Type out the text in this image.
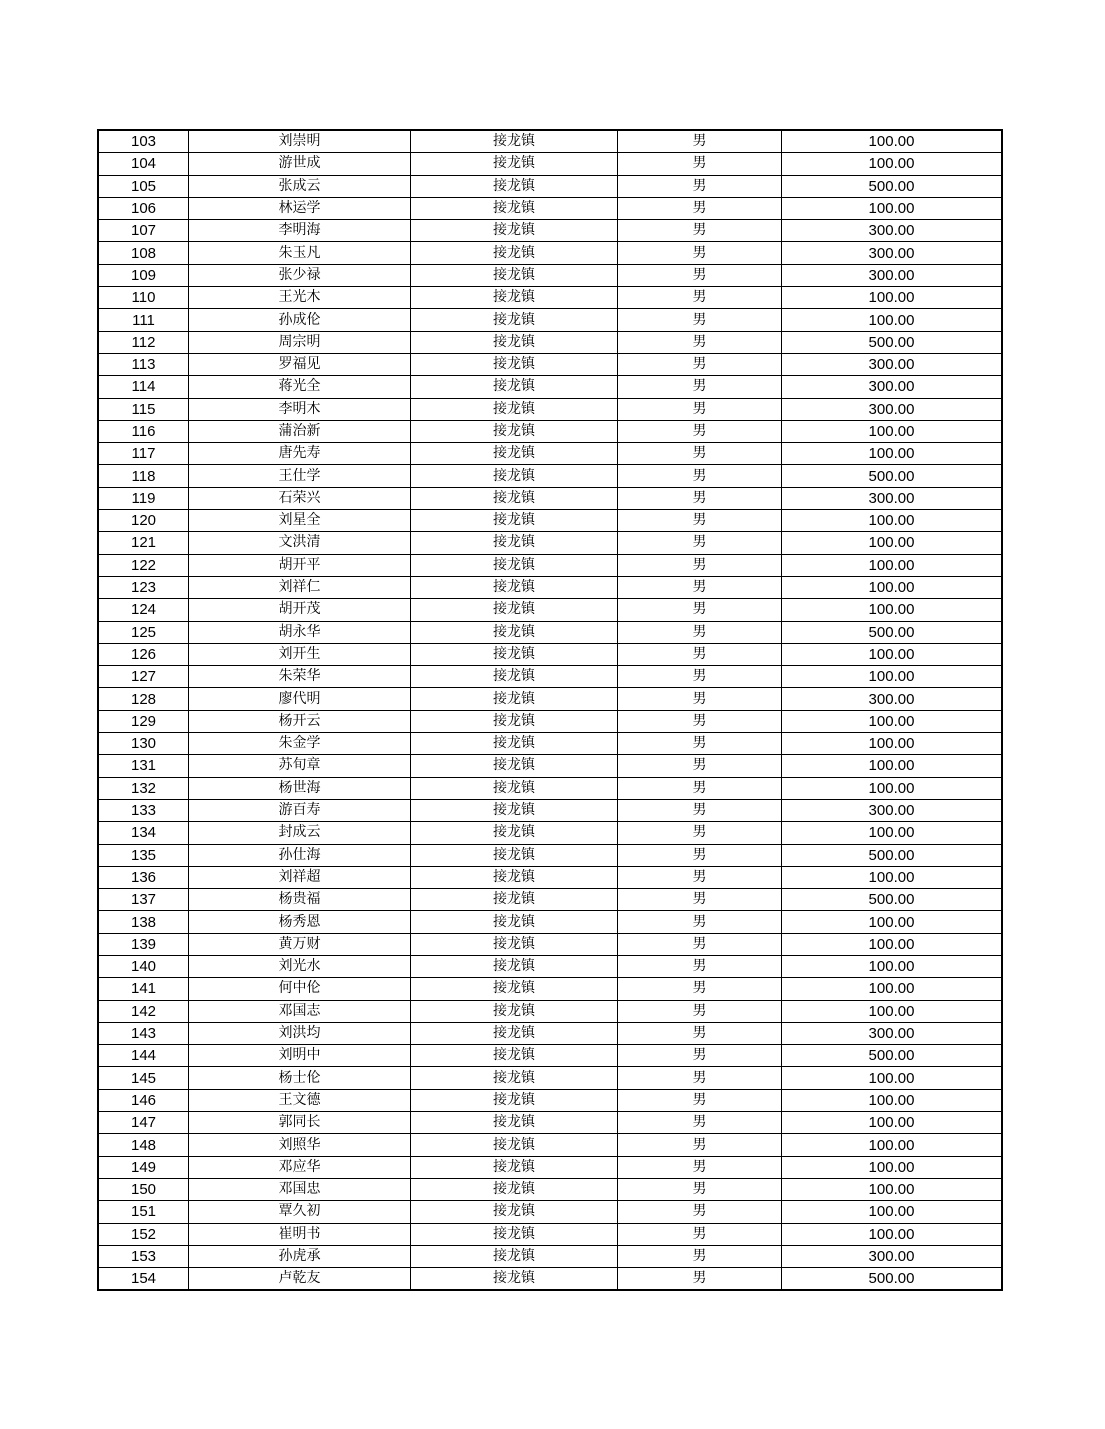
103	刘崇明	接龙镇	男	100.00
104	游世成	接龙镇	男	100.00
105	张成云	接龙镇	男	500.00
106	林运学	接龙镇	男	100.00
107	李明海	接龙镇	男	300.00
108	朱玉凡	接龙镇	男	300.00
109	张少禄	接龙镇	男	300.00
110	王光木	接龙镇	男	100.00
111	孙成伦	接龙镇	男	100.00
112	周宗明	接龙镇	男	500.00
113	罗福见	接龙镇	男	300.00
114	蒋光全	接龙镇	男	300.00
115	李明木	接龙镇	男	300.00
116	蒲治新	接龙镇	男	100.00
117	唐先寿	接龙镇	男	100.00
118	王仕学	接龙镇	男	500.00
119	石荣兴	接龙镇	男	300.00
120	刘星全	接龙镇	男	100.00
121	文洪清	接龙镇	男	100.00
122	胡开平	接龙镇	男	100.00
123	刘祥仁	接龙镇	男	100.00
124	胡开茂	接龙镇	男	100.00
125	胡永华	接龙镇	男	500.00
126	刘开生	接龙镇	男	100.00
127	朱荣华	接龙镇	男	100.00
128	廖代明	接龙镇	男	300.00
129	杨开云	接龙镇	男	100.00
130	朱金学	接龙镇	男	100.00
131	苏旬章	接龙镇	男	100.00
132	杨世海	接龙镇	男	100.00
133	游百寿	接龙镇	男	300.00
134	封成云	接龙镇	男	100.00
135	孙仕海	接龙镇	男	500.00
136	刘祥超	接龙镇	男	100.00
137	杨贵福	接龙镇	男	500.00
138	杨秀恩	接龙镇	男	100.00
139	黄万财	接龙镇	男	100.00
140	刘光水	接龙镇	男	100.00
141	何中伦	接龙镇	男	100.00
142	邓国志	接龙镇	男	100.00
143	刘洪均	接龙镇	男	300.00
144	刘明中	接龙镇	男	500.00
145	杨士伦	接龙镇	男	100.00
146	王文德	接龙镇	男	100.00
147	郭同长	接龙镇	男	100.00
148	刘照华	接龙镇	男	100.00
149	邓应华	接龙镇	男	100.00
150	邓国忠	接龙镇	男	100.00
151	覃久初	接龙镇	男	100.00
152	崔明书	接龙镇	男	100.00
153	孙虎承	接龙镇	男	300.00
154	卢乾友	接龙镇	男	500.00
